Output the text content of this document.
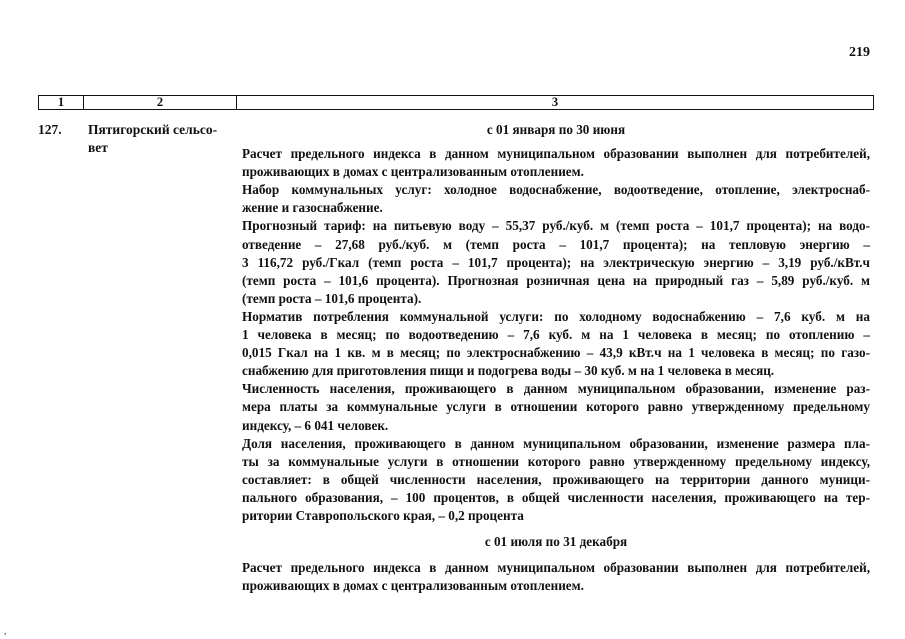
219
1	2	3
127. Пятигорский сельсо-
вет
с 01 января по 30 июня
Расчет предельного индекса в данном муниципальном образовании выполнен для потребителей,
проживающих в домах с централизованным отоплением.
Набор коммунальных услуг: холодное водоснабжение, водоотведение, отопление, электроснаб-
жение и газоснабжение.
Прогнозный тариф: на питьевую воду – 55,37 руб./куб. м (темп роста – 101,7 процента); на водо-
отведение – 27,68 руб./куб. м (темп роста – 101,7 процента); на тепловую энергию –
3 116,72 руб./Гкал (темп роста – 101,7 процента); на электрическую энергию – 3,19 руб./кВт.ч
(темп роста – 101,6 процента). Прогнозная розничная цена на природный газ – 5,89 руб./куб. м
(темп роста – 101,6 процента).
Норматив потребления коммунальной услуги: по холодному водоснабжению – 7,6 куб. м на
1 человека в месяц; по водоотведению – 7,6 куб. м на 1 человека в месяц; по отоплению –
0,015 Гкал на 1 кв. м в месяц; по электроснабжению – 43,9 кВт.ч на 1 человека в месяц; по газо-
снабжению для приготовления пищи и подогрева воды – 30 куб. м на 1 человека в месяц.
Численность населения, проживающего в данном муниципальном образовании, изменение раз-
мера платы за коммунальные услуги в отношении которого равно утвержденному предельному
индексу, – 6 041 человек.
Доля населения, проживающего в данном муниципальном образовании, изменение размера пла-
ты за коммунальные услуги в отношении которого равно утвержденному предельному индексу,
составляет: в общей численности населения, проживающего на территории данного муници-
пального образования, – 100 процентов, в общей численности населения, проживающего на тер-
ритории Ставропольского края, – 0,2 процента
с 01 июля по 31 декабря
Расчет предельного индекса в данном муниципальном образовании выполнен для потребителей,
проживающих в домах с централизованным отоплением.
,
